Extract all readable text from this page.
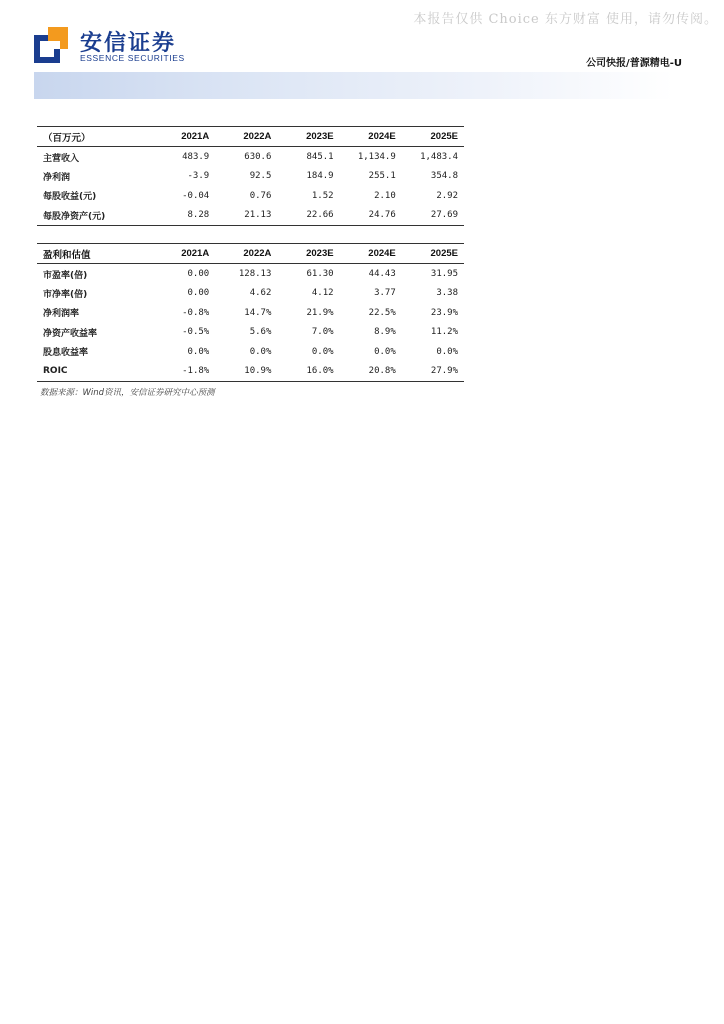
本报告仅供 Choice 东方财富 使用，请勿传阅。
安信证券
ESSENCE SECURITIES	公司快报/普源精电-U
（百万元）	2021A	2022A	2023E	2024E	2025E
主营收入	483.9	630.6	845.1	1,134.9	1,483.4
净利润	-3.9	92.5	184.9	255.1	354.8
每股收益(元)	-0.04	0.76	1.52	2.10	2.92
每股净资产(元)	8.28	21.13	22.66	24.76	27.69
盈利和估值	2021A	2022A	2023E	2024E	2025E
市盈率(倍)	0.00	128.13	61.30	44.43	31.95
市净率(倍)	0.00	4.62	4.12	3.77	3.38
净利润率	-0.8%	14.7%	21.9%	22.5%	23.9%
净资产收益率	-0.5%	5.6%	7.0%	8.9%	11.2%
股息收益率	0.0%	0.0%	0.0%	0.0%	0.0%
ROIC	-1.8%	10.9%	16.0%	20.8%	27.9%
数据来源：Wind资讯，安信证券研究中心预测
